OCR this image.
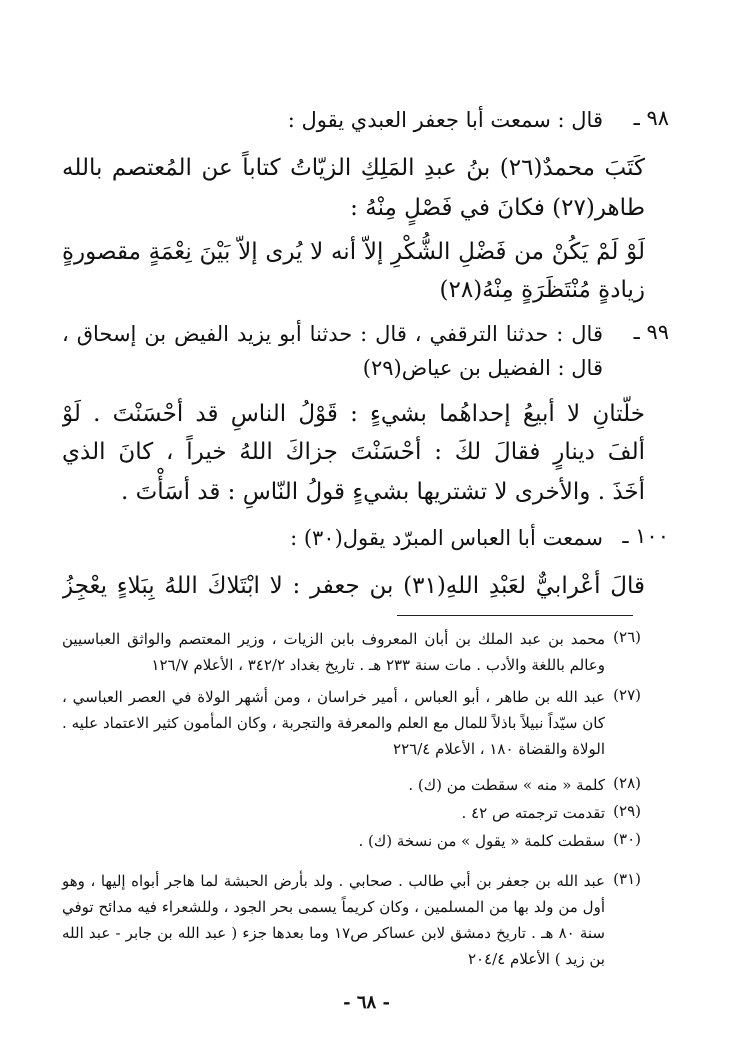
٩٨ ـ
قال : سمعت أبا جعفر العبدي يقول :
كَتَبَ محمدٌ(٢٦) بنُ عبدِ المَلِكِ الزيّاتُ كتاباً عن المُعتصم بالله
طاهر(٢٧) فكانَ في فَصْلٍ مِنْهُ :
لَوْ لَمْ يَكُنْ من فَضْلِ الشُّكْرِ إلاّ أنه لا يُرى إلاّ بَيْنَ نِعْمَةٍ مقصورةٍ
زيادةٍ مُنْتَظَرَةٍ مِنْهُ(٢٨)
٩٩ ـ
قال : حدثنا الترقفي ، قال : حدثنا أبو يزيد الفيض بن إسحاق ،
قال : الفضيل بن عياض(٢٩)
خلّتانِ لا أبيعُ إحداهُما بشيءٍ : قَوْلُ الناسِ قد أحْسَنْتَ . لَوْ
ألفَ دينارٍ فقالَ لكَ : أحْسَنْتَ جزاكَ اللهُ خيراً ، كانَ الذي
أخَذَ . والأخرى لا تشتريها بشيءٍ قولُ النّاسِ : قد أسَأْتَ .
١٠٠ ـ
سمعت أبا العباس المبرّد يقول(٣٠) :
قالَ أعْرابيٌّ لعَبْدِ اللهِ(٣١) بن جعفر : لا ابْتَلاكَ اللهُ بِبَلاءٍ يعْجِزُ
(٢٦)
محمد بن عبد الملك بن أبان المعروف بابن الزيات ، وزير المعتصم والواثق العباسيين وعالم باللغة والأدب . مات سنة ٢٣٣ هـ . تاريخ بغداد ٣٤٢/٢ ، الأعلام ١٢٦/٧
(٢٧)
عبد الله بن طاهر ، أبو العباس ، أمير خراسان ، ومن أشهر الولاة في العصر العباسي ، كان سيّداً نبيلاً باذلاً للمال مع العلم والمعرفة والتجربة ، وكان المأمون كثير الاعتماد عليه . الولاة والقضاة ١٨٠ ، الأعلام ٢٢٦/٤
(٢٨)
كلمة « منه » سقطت من (ك) .
(٢٩)
تقدمت ترجمته ص ٤٢ .
(٣٠)
سقطت كلمة « يقول » من نسخة (ك) .
(٣١)
عبد الله بن جعفر بن أبي طالب . صحابي . ولد بأرض الحبشة لما هاجر أبواه إليها ، وهو أول من ولد بها من المسلمين ، وكان كريماً يسمى بحر الجود ، وللشعراء فيه مدائح توفي سنة ٨٠ هـ . تاريخ دمشق لابن عساكر ص١٧ وما بعدها جزء ( عبد الله بن جابر - عبد الله بن زيد ) الأعلام ٢٠٤/٤
- ٦٨ -
